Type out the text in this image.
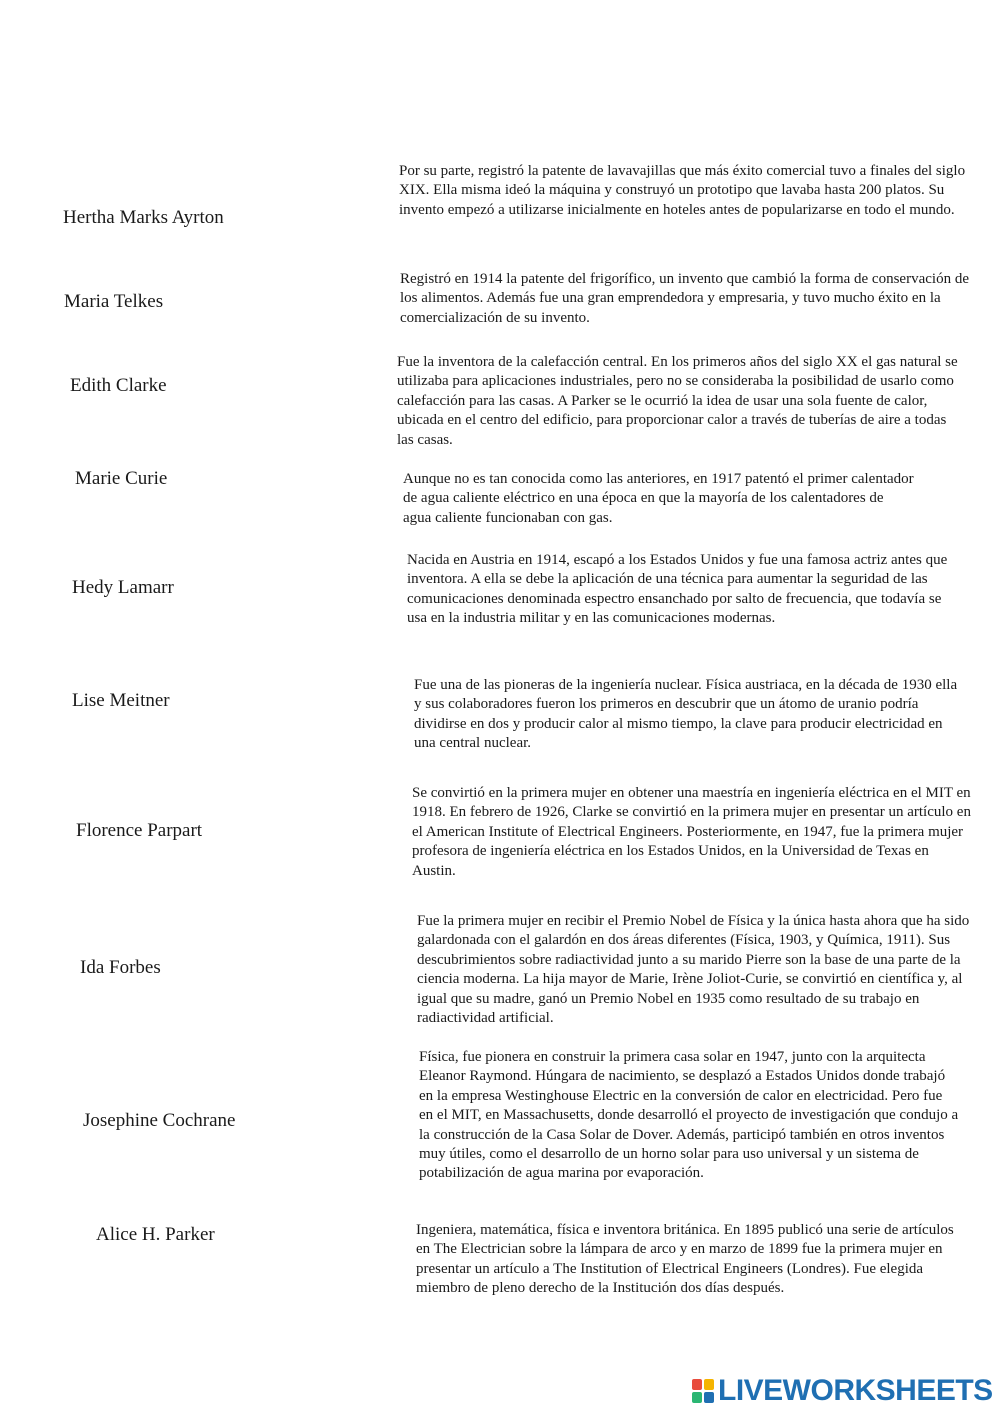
Hertha Marks Ayrton
Maria Telkes
Edith Clarke
Marie Curie
Hedy Lamarr
Lise Meitner
Florence Parpart
Ida Forbes
Josephine Cochrane
Alice H. Parker

Por su parte, registró la patente de lavavajillas que más éxito comercial tuvo a finales del siglo XIX. Ella misma ideó la máquina y construyó un prototipo que lavaba hasta 200 platos. Su invento empezó a utilizarse inicialmente en hoteles antes de popularizarse en todo el mundo.

Registró en 1914 la patente del frigorífico, un invento que cambió la forma de conservación de los alimentos. Además fue una gran emprendedora y empresaria, y tuvo mucho éxito en la comercialización de su invento.

Fue la inventora de la calefacción central. En los primeros años del siglo XX el gas natural se utilizaba para aplicaciones industriales, pero no se consideraba la posibilidad de usarlo como calefacción para las casas. A Parker se le ocurrió la idea de usar una sola fuente de calor, ubicada en el centro del edificio, para proporcionar calor a través de tuberías de aire a todas las casas.

Aunque no es tan conocida como las anteriores, en 1917 patentó el primer calentador de agua caliente eléctrico en una época en que la mayoría de los calentadores de agua caliente funcionaban con gas.

Nacida en Austria en 1914, escapó a los Estados Unidos y fue una famosa actriz antes que inventora. A ella se debe la aplicación de una técnica para aumentar la seguridad de las comunicaciones denominada espectro ensanchado por salto de frecuencia, que todavía se usa en la industria militar y en las comunicaciones modernas.

Fue una de las pioneras de la ingeniería nuclear. Física austriaca, en la década de 1930 ella y sus colaboradores fueron los primeros en descubrir que un átomo de uranio podría dividirse en dos y producir calor al mismo tiempo, la clave para producir electricidad en una central nuclear.

Se convirtió en la primera mujer en obtener una maestría en ingeniería eléctrica en el MIT en 1918. En febrero de 1926, Clarke se convirtió en la primera mujer en presentar un artículo en el American Institute of Electrical Engineers. Posteriormente, en 1947, fue la primera mujer profesora de ingeniería eléctrica en los Estados Unidos, en la Universidad de Texas en Austin.

Fue la primera mujer en recibir el Premio Nobel de Física y la única hasta ahora que ha sido galardonada con el galardón en dos áreas diferentes (Física, 1903, y Química, 1911). Sus descubrimientos sobre radiactividad junto a su marido Pierre son la base de una parte de la ciencia moderna. La hija mayor de Marie, Irène Joliot-Curie, se convirtió en científica y, al igual que su madre, ganó un Premio Nobel en 1935 como resultado de su trabajo en radiactividad artificial.

Física, fue pionera en construir la primera casa solar en 1947, junto con la arquitecta Eleanor Raymond. Húngara de nacimiento, se desplazó a Estados Unidos donde trabajó en la empresa Westinghouse Electric en la conversión de calor en electricidad. Pero fue en el MIT, en Massachusetts, donde desarrolló el proyecto de investigación que condujo a la construcción de la Casa Solar de Dover. Además, participó también en otros inventos muy útiles, como el desarrollo de un horno solar para uso universal y un sistema de potabilización de agua marina por evaporación.

Ingeniera, matemática, física e inventora británica. En 1895 publicó una serie de artículos en The Electrician sobre la lámpara de arco y en marzo de 1899 fue la primera mujer en presentar un artículo a The Institution of Electrical Engineers (Londres). Fue elegida miembro de pleno derecho de la Institución dos días después.

LIVEWORKSHEETS
